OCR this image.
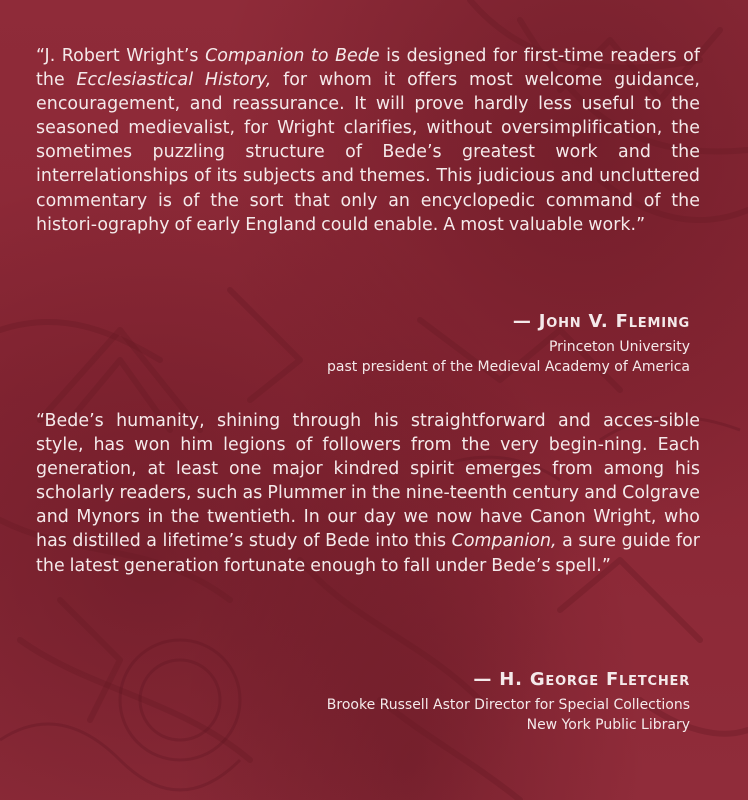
“J. Robert Wright’s Companion to Bede is designed for first-time readers of the Ecclesiastical History, for whom it offers most welcome guidance, encouragement, and reassurance. It will prove hardly less useful to the seasoned medievalist, for Wright clarifies, without oversimplification, the sometimes puzzling structure of Bede’s greatest work and the interrelationships of its subjects and themes. This judicious and uncluttered commentary is of the sort that only an encyclopedic command of the histori-ography of early England could enable. A most valuable work.”

— John V. Fleming
Princeton University
past president of the Medieval Academy of America

“Bede’s humanity, shining through his straightforward and acces-sible style, has won him legions of followers from the very begin-ning. Each generation, at least one major kindred spirit emerges from among his scholarly readers, such as Plummer in the nine-teenth century and Colgrave and Mynors in the twentieth. In our day we now have Canon Wright, who has distilled a lifetime’s study of Bede into this Companion, a sure guide for the latest generation fortunate enough to fall under Bede’s spell.”

— H. George Fletcher
Brooke Russell Astor Director for Special Collections
New York Public Library
